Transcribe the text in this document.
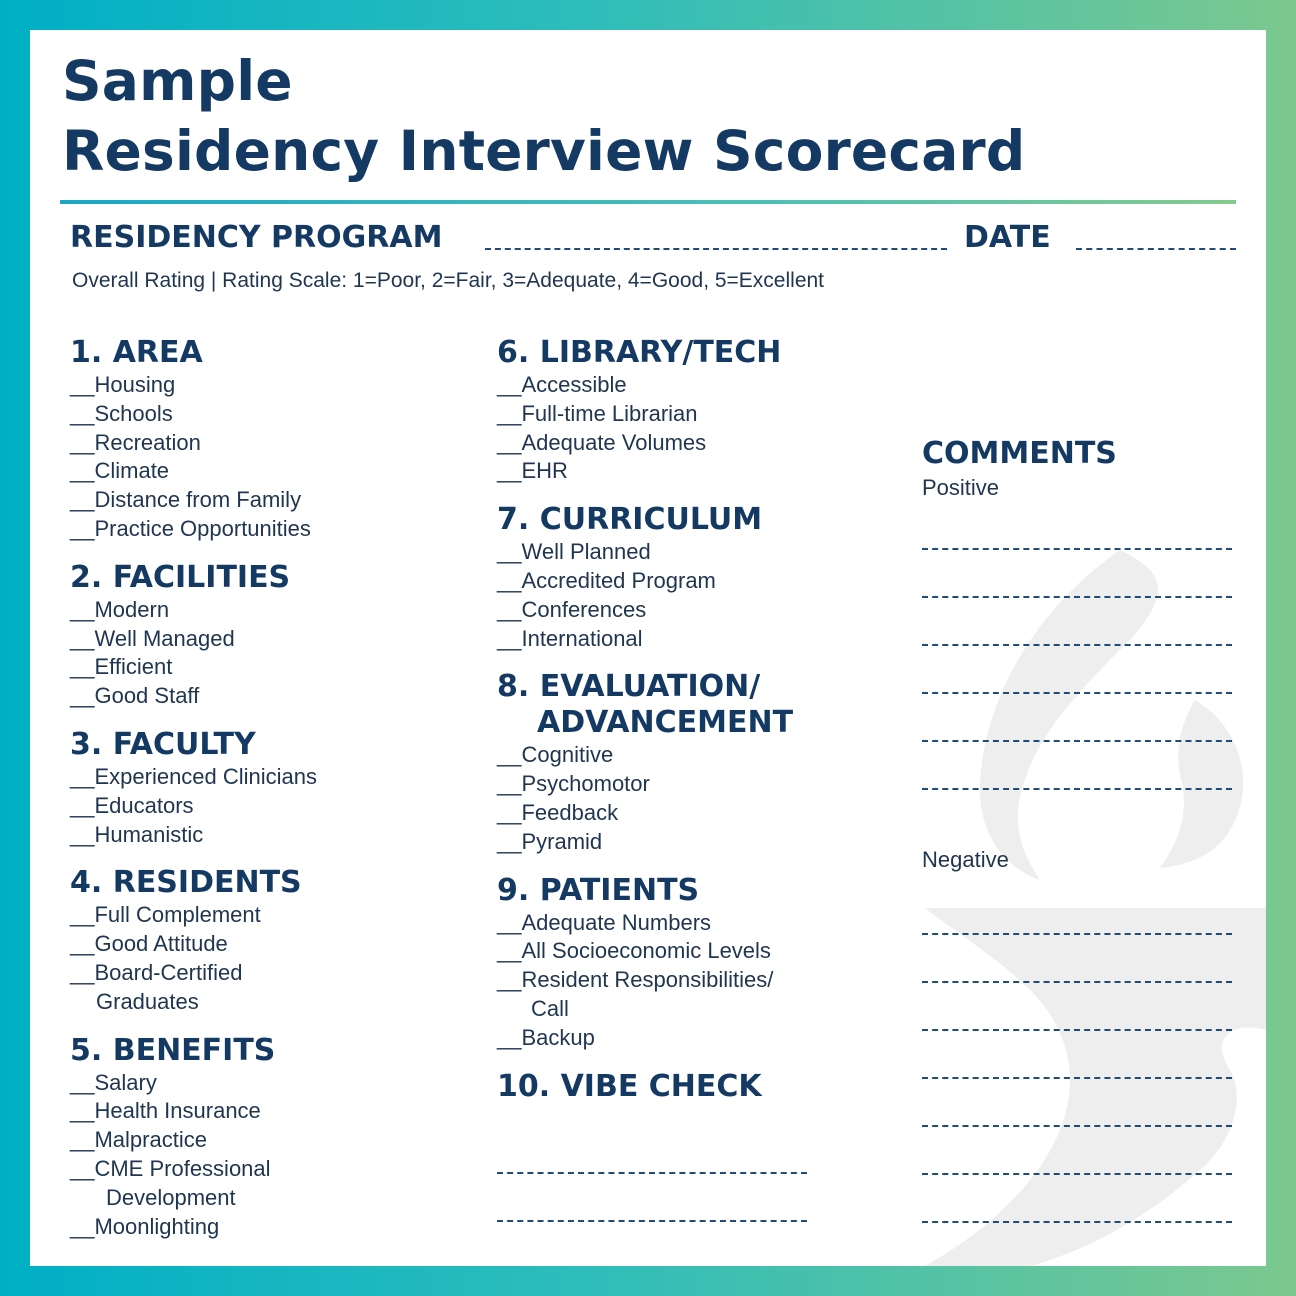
Sample
Residency Interview Scorecard
RESIDENCY PROGRAM	DATE
Overall Rating | Rating Scale: 1=Poor, 2=Fair, 3=Adequate, 4=Good, 5=Excellent
1. AREA
__Housing
__Schools
__Recreation
__Climate
__Distance from Family
__Practice Opportunities
2. FACILITIES
__Modern
__Well Managed
__Efficient
__Good Staff
3. FACULTY
__Experienced Clinicians
__Educators
__Humanistic
4. RESIDENTS
__Full Complement
__Good Attitude
__Board-Certified
Graduates
5. BENEFITS
__Salary
__Health Insurance
__Malpractice
__CME Professional
Development
__Moonlighting
6. LIBRARY/TECH
__Accessible
__Full-time Librarian
__Adequate Volumes
__EHR
7. CURRICULUM
__Well Planned
__Accredited Program
__Conferences
__International
8. EVALUATION/
ADVANCEMENT
__Cognitive
__Psychomotor
__Feedback
__Pyramid
9. PATIENTS
__Adequate Numbers
__All Socioeconomic Levels
__Resident Responsibilities/
Call
__Backup
10. VIBE CHECK
COMMENTS
Positive
Negative
